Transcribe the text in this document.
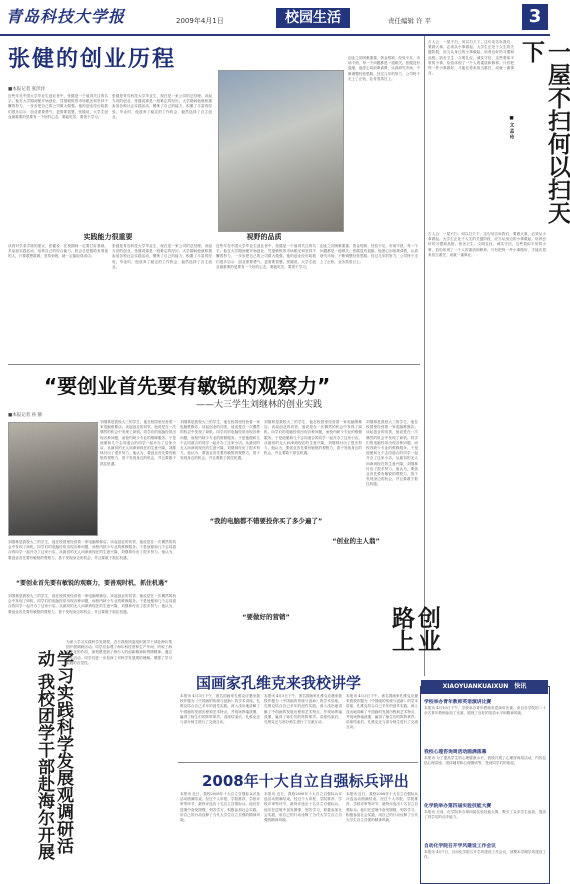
青岛科技大学报	2009年4月1日	校园生活	责任编辑 许 平	3
张健的创业历程
■本报记者 张洋洋
近些年在中国大学毕业生创业者中，张健是一个值得关注的名字。他在大学期间便开始创业，凭借敏锐的市场眼光和坚持不懈的努力，一步步把自己的公司做大做强。他的创业经历给我们很多启示：创业需要勇气，更需要智慧。张健说，大学生创业最重要的是要有一个好的心态，要能吃苦，要善于学习。
张健是青岛科技大学毕业生，现在是一家公司的总经理。谈起当初的创业，张健说那是一段难忘的经历。大学期间他就积极参加各种社会实践活动，锻炼了自己的能力，积累了丰富的经验。毕业时，他放弃了稳定的工作机会，毅然选择了自主创业。
创业之初困难重重，资金短缺、经验不足、市场不熟，每一个问题都是一道难关。张健没有退缩，他虚心向前辈请教，认真研究市场，不断调整经营思路。经过几年的努力，公司终于走上了正轨，业务蒸蒸日上。
实践能力很重要
谈到对学弟学妹的建议，张健说：在校期间一定要打好基础，多参加实践活动，培养自己的综合能力。机会总是留给有准备的人，只要敢想敢做，坚持到底，就一定能取得成功。
张健是青岛科技大学毕业生，现在是一家公司的总经理。谈起当初的创业，张健说那是一段难忘的经历。大学期间他就积极参加各种社会实践活动，锻炼了自己的能力，积累了丰富的经验。毕业时，他放弃了稳定的工作机会，毅然选择了自主创业。
视野的品质
近些年在中国大学毕业生创业者中，张健是一个值得关注的名字。他在大学期间便开始创业，凭借敏锐的市场眼光和坚持不懈的努力，一步步把自己的公司做大做强。他的创业经历给我们很多启示：创业需要勇气，更需要智慧。张健说，大学生创业最重要的是要有一个好的心态，要能吃苦，要善于学习。
创业之初困难重重，资金短缺、经验不足、市场不熟，每一个问题都是一道难关。张健没有退缩，他虚心向前辈请教，认真研究市场，不断调整经营思路。经过几年的努力，公司终于走上了正轨，业务蒸蒸日上。
古人云：一屋不扫，何以扫天下。这句话告诉我们，要做大事，必须从小事做起。大学生正处于人生的关键阶段，应当从身边的小事做起，培养良好的习惯和品格。宿舍卫生、文明礼仪、诚实守信，这些看似平常的小事，恰恰体现了一个人的素质和修养。只有把每一件小事做好，才能在将来担当重任，成就一番事业。	一屋不扫何以扫天下
■ 文 孟 玲
古人云：一屋不扫，何以扫天下。这句话告诉我们，要做大事，必须从小事做起。大学生正处于人生的关键阶段，应当从身边的小事做起，培养良好的习惯和品格。宿舍卫生、文明礼仪、诚实守信，这些看似平常的小事，恰恰体现了一个人的素质和修养。只有把每一件小事做好，才能在将来担当重任，成就一番事业。
“要创业首先要有敏锐的观察力”
——大三学生刘继林的创业实践
■本报记者 孙 静
刘继林是我校大三的学生，他在校园里经营着一家电脑维修店。谈起创业的初衷，他说是在一次偶然的机会中发现了商机。同学们的电脑经常出现各种问题，而校内缺少专业的维修服务。于是他便和几个志同道合的同学一起开办了这家小店。从最初的无人问津到现在的生意兴隆，刘继林付出了很多努力。他认为，要创业首先要有敏锐的观察力，善于发现身边的机会，并且要敢于抓住机遇。
刘继林是我校大三的学生，他在校园里经营着一家电脑维修店。谈起创业的初衷，他说是在一次偶然的机会中发现了商机。同学们的电脑经常出现各种问题，而校内缺少专业的维修服务。于是他便和几个志同道合的同学一起开办了这家小店。从最初的无人问津到现在的生意兴隆，刘继林付出了很多努力。他认为，要创业首先要有敏锐的观察力，善于发现身边的机会，并且要敢于抓住机遇。
“要创业首先要有敏锐的观察力，要善观时机，抓住机遇”
刘继林是我校大三的学生，他在校园里经营着一家电脑维修店。谈起创业的初衷，他说是在一次偶然的机会中发现了商机。同学们的电脑经常出现各种问题，而校内缺少专业的维修服务。于是他便和几个志同道合的同学一起开办了这家小店。从最初的无人问津到现在的生意兴隆，刘继林付出了很多努力。他认为，要创业首先要有敏锐的观察力，善于发现身边的机会，并且要敢于抓住机遇。
刘继林是我校大三的学生，他在校园里经营着一家电脑维修店。谈起创业的初衷，他说是在一次偶然的机会中发现了商机。同学们的电脑经常出现各种问题，而校内缺少专业的维修服务。于是他便和几个志同道合的同学一起开办了这家小店。从最初的无人问津到现在的生意兴隆，刘继林付出了很多努力。他认为，要创业首先要有敏锐的观察力，善于发现身边的机会，并且要敢于抓住机遇。
刘继林是我校大三的学生，他在校园里经营着一家电脑维修店。谈起创业的初衷，他说是在一次偶然的机会中发现了商机。同学们的电脑经常出现各种问题，而校内缺少专业的维修服务。于是他便和几个志同道合的同学一起开办了这家小店。从最初的无人问津到现在的生意兴隆，刘继林付出了很多努力。他认为，要创业首先要有敏锐的观察力，善于发现身边的机会，并且要敢于抓住机遇。
“我的电脑都不错要投你买了多少遍了”
“要做好的营销”
“创业的主人翁”
刘继林是我校大三的学生，他在校园里经营着一家电脑维修店。谈起创业的初衷，他说是在一次偶然的机会中发现了商机。同学们的电脑经常出现各种问题，而校内缺少专业的维修服务。于是他便和几个志同道合的同学一起开办了这家小店。从最初的无人问津到现在的生意兴隆，刘继林付出了很多努力。他认为，要创业首先要有敏锐的观察力，善于发现身边的机会，并且要敢于抓住机遇。
创业路上
学习实践科学发展观调研活动 我校团学干部赴海尔开展
为深入学习实践科学发展观，近日我校团委组织团学干部赴海尔集团开展调研活动。同学们参观了海尔科技馆和生产车间，听取了海尔文化的介绍，深刻感受到了海尔人的创新精神和拼搏精神。通过此次活动，同学们进一步加深了对科学发展观的理解，增强了学习实践的自觉性。
国画家孔维克来我校讲学
本报讯 4月3日下午，著名国画家孔维克应邀来我校作题为《中国画的传统与创新》的学术讲座。孔维克结合自己多年的创作实践，深入浅出地讲解了中国画的发展历程和艺术特点，并现场挥毫泼墨，赢得了师生们的阵阵掌声。讲座结束后，孔维克还与部分师生进行了交流互动。
本报讯 4月3日下午，著名国画家孔维克应邀来我校作题为《中国画的传统与创新》的学术讲座。孔维克结合自己多年的创作实践，深入浅出地讲解了中国画的发展历程和艺术特点，并现场挥毫泼墨，赢得了师生们的阵阵掌声。讲座结束后，孔维克还与部分师生进行了交流互动。
本报讯 4月3日下午，著名国画家孔维克应邀来我校作题为《中国画的传统与创新》的学术讲座。孔维克结合自己多年的创作实践，深入浅出地讲解了中国画的发展历程和艺术特点，并现场挥毫泼墨，赢得了师生们的阵阵掌声。讲座结束后，孔维克还与部分师生进行了交流互动。
2008年十大自立自强标兵评出
本报讯 近日，我校2008年十大自立自强标兵评选活动圆满结束。经过个人申报、学院推荐、学校评审等环节，最终评选出十名自立自强标兵。他们在逆境中奋发图强，刻苦学习，积极参加社会实践，用自己的行动诠释了当代大学生自立自强的精神风貌。
本报讯 近日，我校2008年十大自立自强标兵评选活动圆满结束。经过个人申报、学院推荐、学校评审等环节，最终评选出十名自立自强标兵。他们在逆境中奋发图强，刻苦学习，积极参加社会实践，用自己的行动诠释了当代大学生自立自强的精神风貌。
本报讯 近日，我校2008年十大自立自强标兵评选活动圆满结束。经过个人申报、学院推荐、学校评审等环节，最终评选出十名自立自强标兵。他们在逆境中奋发图强，刻苦学习，积极参加社会实践，用自己的行动诠释了当代大学生自立自强的精神风貌。
XIAOYUANKUAIXUN 快讯
学校举办青年教师英语演讲比赛
本报讯 4月10日下午，学校举办青年教师英语演讲比赛。来自各学院的二十余名青年教师参加了比赛，展现了良好的英语水平和精神风貌。
我校心理咨询周活动圆满落幕
本报讯 为了提高学生的心理健康水平，我校开展了心理咨询周活动，内容包括心理讲座、团体辅导和心理测试等，受到同学们的欢迎。
化学院举办第四届实验技能大赛
本报讯 日前，化学院举办第四届实验技能大赛，吸引了众多学生参加，提高了同学们的动手能力。
自动化学院召开学风建设工作会议
本报讯 4月7日，自动化学院召开学风建设工作会议，部署本学期学风建设工作。
